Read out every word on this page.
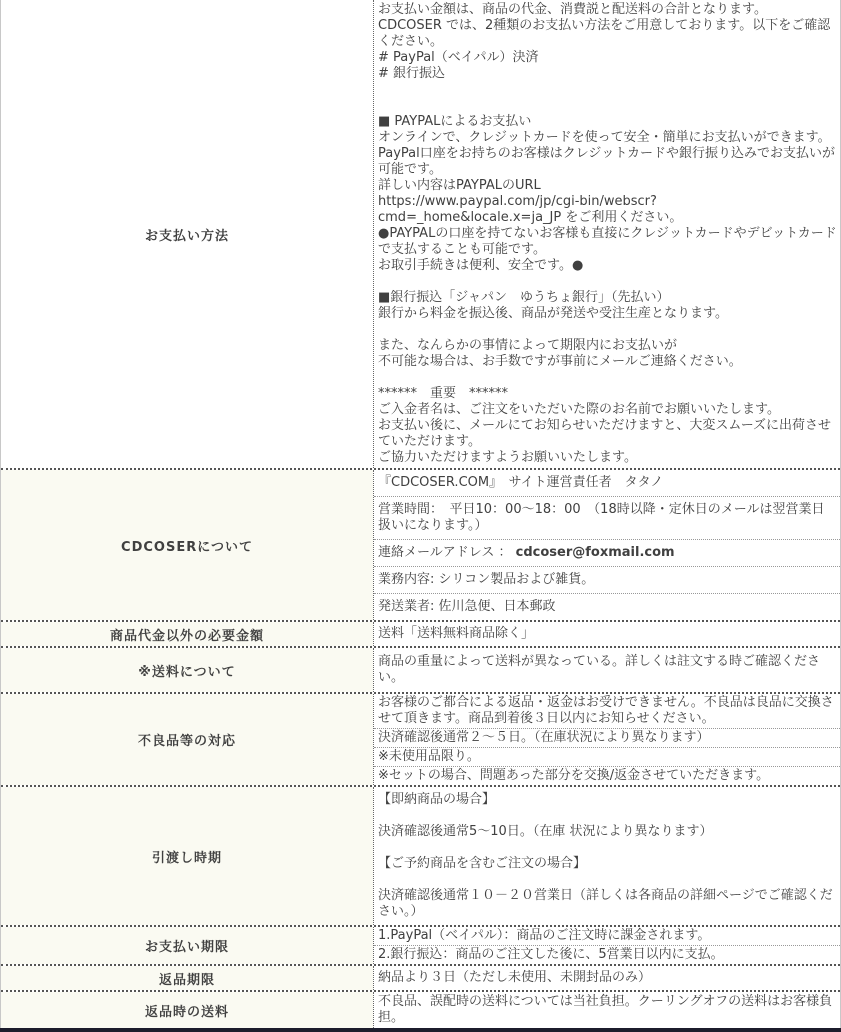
お支払い方法
お支払い金額は、商品の代金、消費説と配送料の合計となります。
CDCOSER では、2種類のお支払い方法をご用意しております。以下をご確認ください。
# PayPal（ベイパル）決済
# 銀行振込
■ PAYPALによるお支払い
オンラインで、クレジットカードを使って安全・簡単にお支払いができます。
PayPal口座をお持ちのお客様はクレジットカードや銀行振り込みでお支払いが可能です。
詳しい内容はPAYPALのURL
https://www.paypal.com/jp/cgi-bin/webscr?cmd=_home&locale.x=ja_JP をご利用ください。
●PAYPALの口座を持てないお客様も直接にクレジットカードやデビットカードで支払することも可能です。
お取引手続きは便利、安全です。●
■銀行振込「ジャパン　ゆうちょ銀行」（先払い）
銀行から料金を振込後、商品が発送や受注生産となります。
また、なんらかの事情によって期限内にお支払いが
不可能な場合は、お手数ですが事前にメールご連絡ください。
******　重要　******
ご入金者名は、ご注文をいただいた際のお名前でお願いいたします。
お支払い後に、メールにてお知らせいただけますと、大変スムーズに出荷させていただけます。
ご協力いただけますようお願いいたします。
CDCOSERについて
『CDCOSER.COM』　サイト運営責任者　タタノ
営業時間：　平日10：00～18：00　（18時以降・定休日のメールは翌営業日扱いになります。）
連絡メールアドレス ： cdcoser@foxmail.com
業務内容: シリコン製品および雑貨。
発送業者: 佐川急便、日本郵政
商品代金以外の必要金額	送料「送料無料商品除く」
※送料について
商品の重量によって送料が異なっている。詳しくは註文する時ご確認ください。
不良品等の対応
お客様のご都合による返品・返金はお受けできません。不良品は良品に交換させて頂きます。商品到着後３日以内にお知らせください。
決済確認後通常２～５日。（在庫状況により異なります）
※未使用品限り。
※セットの場合、問題あった部分を交換/返金させていただきます。
引渡し時期
【即納商品の場合】
決済確認後通常5～10日。（在庫 状況により異なります）
【ご予約商品を含むご注文の場合】
決済確認後通常１０－２０営業日（詳しくは各商品の詳細ページでご確認ください。）
お支払い期限
1.PayPal（ベイパル）：商品のご注文時に課金されます。
2.銀行振込：商品のご注文した後に、5営業日以内に支払。
返品期限	納品より３日（ただし未使用、未開封品のみ）
返品時の送料
不良品、誤配時の送料については当社負担。クーリングオフの送料はお客様負担。
